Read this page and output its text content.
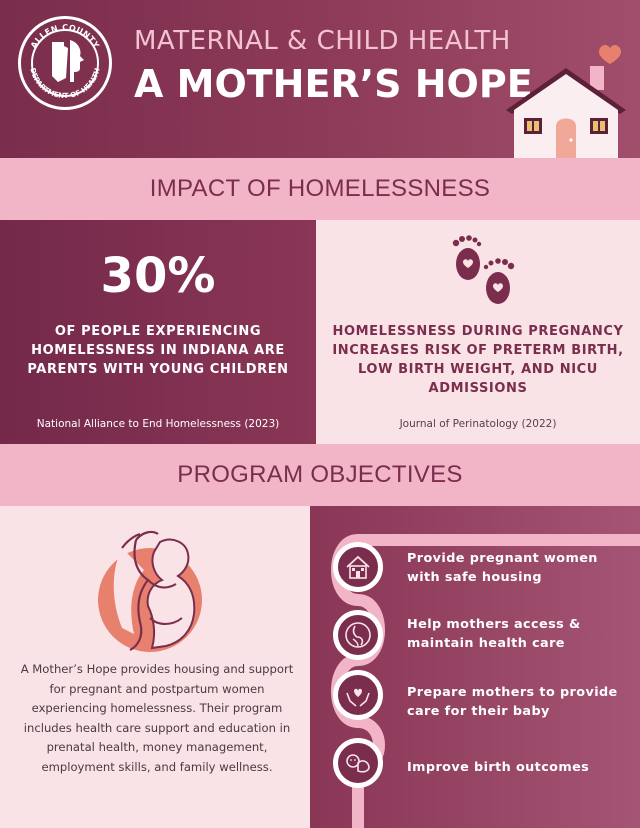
ALLEN COUNTY
DEPARTMENT OF HEALTH
MATERNAL & CHILD HEALTH
A MOTHER’S HOPE
IMPACT OF HOMELESSNESS
30%
OF PEOPLE EXPERIENCING HOMELESSNESS IN INDIANA ARE PARENTS WITH YOUNG CHILDREN
National Alliance to End Homelessness (2023)
HOMELESSNESS DURING PREGNANCY INCREASES RISK OF PRETERM BIRTH, LOW BIRTH WEIGHT, AND NICU ADMISSIONS
Journal of Perinatology (2022)
PROGRAM OBJECTIVES
A Mother’s Hope provides housing and support for pregnant and postpartum women experiencing homelessness. Their program includes health care support and education in prenatal health, money management, employment skills, and family wellness.
Provide pregnant women with safe housing
Help mothers access & maintain health care
Prepare mothers to provide care for their baby
Improve birth outcomes
